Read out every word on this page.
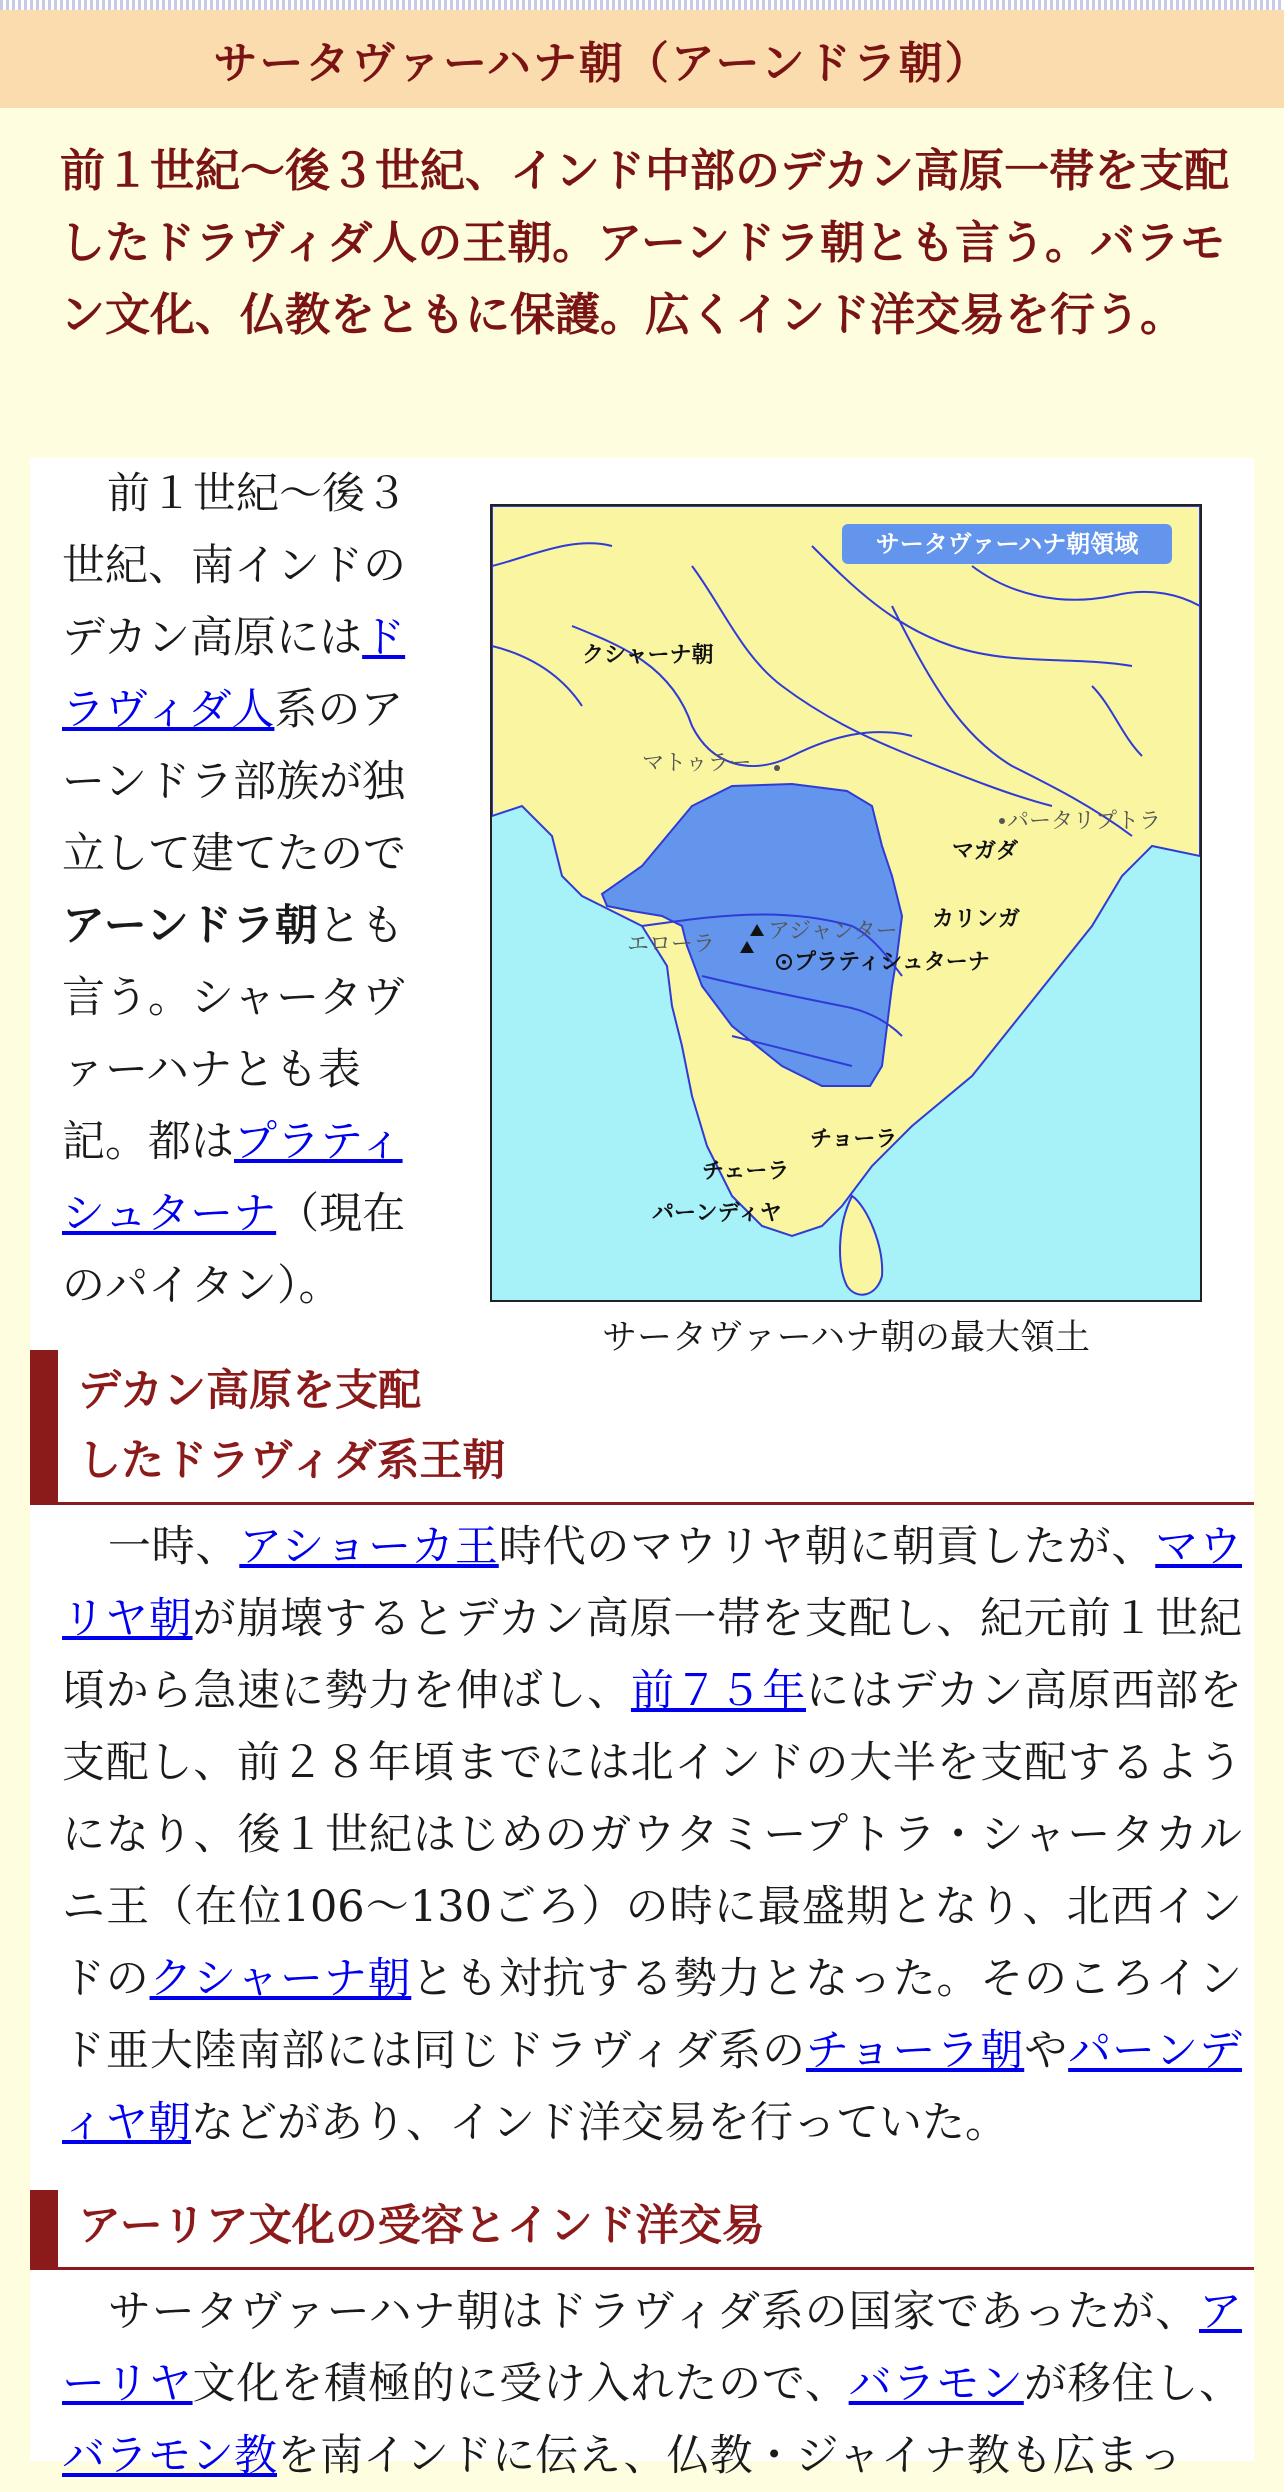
サータヴァーハナ朝（アーンドラ朝）

前１世紀～後３世紀、インド中部のデカン高原一帯を支配したドラヴィダ人の王朝。アーンドラ朝とも言う。バラモン文化、仏教をともに保護。広くインド洋交易を行う。

前１世紀～後３世紀、南インドのデカン高原にはドラヴィダ人系のアーンドラ部族が独立して建てたのでアーンドラ朝とも言う。シャータヴァーハナとも表記。都はプラティシュターナ（現在のパイタン）。

サータヴァーハナ朝領域
クシャーナ朝
マトゥラー
パータリプトラ
マガダ
カリンガ
アジャンター
エローラ
プラティシュターナ
チョーラ
チェーラ
パーンディヤ

サータヴァーハナ朝の最大領土

デカン高原を支配
したドラヴィダ系王朝

一時、アショーカ王時代のマウリヤ朝に朝貢したが、マウリヤ朝が崩壊するとデカン高原一帯を支配し、紀元前１世紀頃から急速に勢力を伸ばし、前７５年にはデカン高原西部を支配し、前２８年頃までには北インドの大半を支配するようになり、後１世紀はじめのガウタミープトラ・シャータカルニ王（在位106～130ごろ）の時に最盛期となり、北西インドのクシャーナ朝とも対抗する勢力となった。そのころインド亜大陸南部には同じドラヴィダ系のチョーラ朝やパーンディヤ朝などがあり、インド洋交易を行っていた。

アーリア文化の受容とインド洋交易

サータヴァーハナ朝はドラヴィダ系の国家であったが、アーリヤ文化を積極的に受け入れたので、バラモンが移住し、バラモン教を南インドに伝え、仏教・ジャイナ教も広まっ
